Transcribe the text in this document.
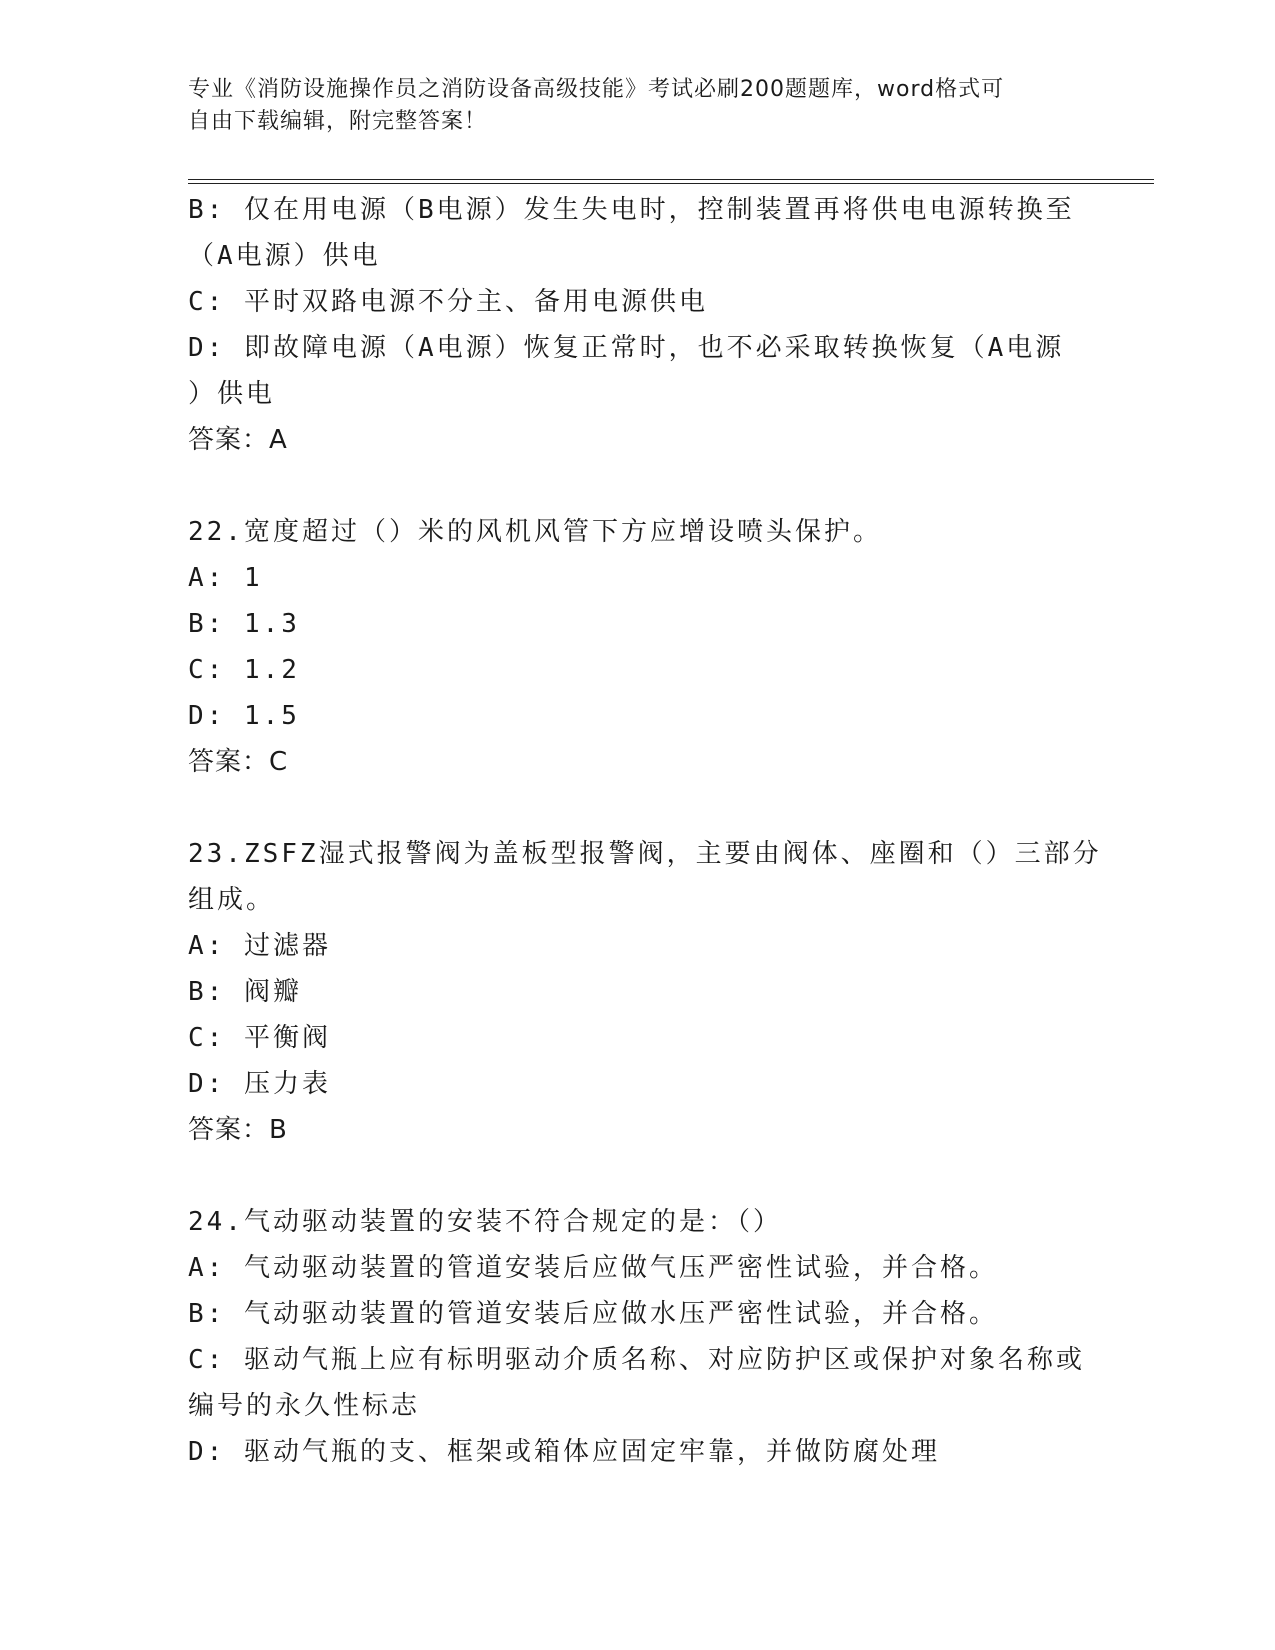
专业《消防设施操作员之消防设备高级技能》考试必刷200题题库，word格式可
自由下载编辑，附完整答案！
B: 仅在用电源（B电源）发生失电时，控制装置再将供电电源转换至
（A电源）供电
C: 平时双路电源不分主、备用电源供电
D: 即故障电源（A电源）恢复正常时，也不必采取转换恢复（A电源
）供电
答案：A
22.宽度超过（）米的风机风管下方应增设喷头保护。
A: 1
B: 1.3
C: 1.2
D: 1.5
答案：C
23.ZSFZ湿式报警阀为盖板型报警阀，主要由阀体、座圈和（）三部分
组成。
A: 过滤器
B: 阀瓣
C: 平衡阀
D: 压力表
答案：B
24.气动驱动装置的安装不符合规定的是：（）
A: 气动驱动装置的管道安装后应做气压严密性试验，并合格。
B: 气动驱动装置的管道安装后应做水压严密性试验，并合格。
C: 驱动气瓶上应有标明驱动介质名称、对应防护区或保护对象名称或
编号的永久性标志
D: 驱动气瓶的支、框架或箱体应固定牢靠，并做防腐处理
